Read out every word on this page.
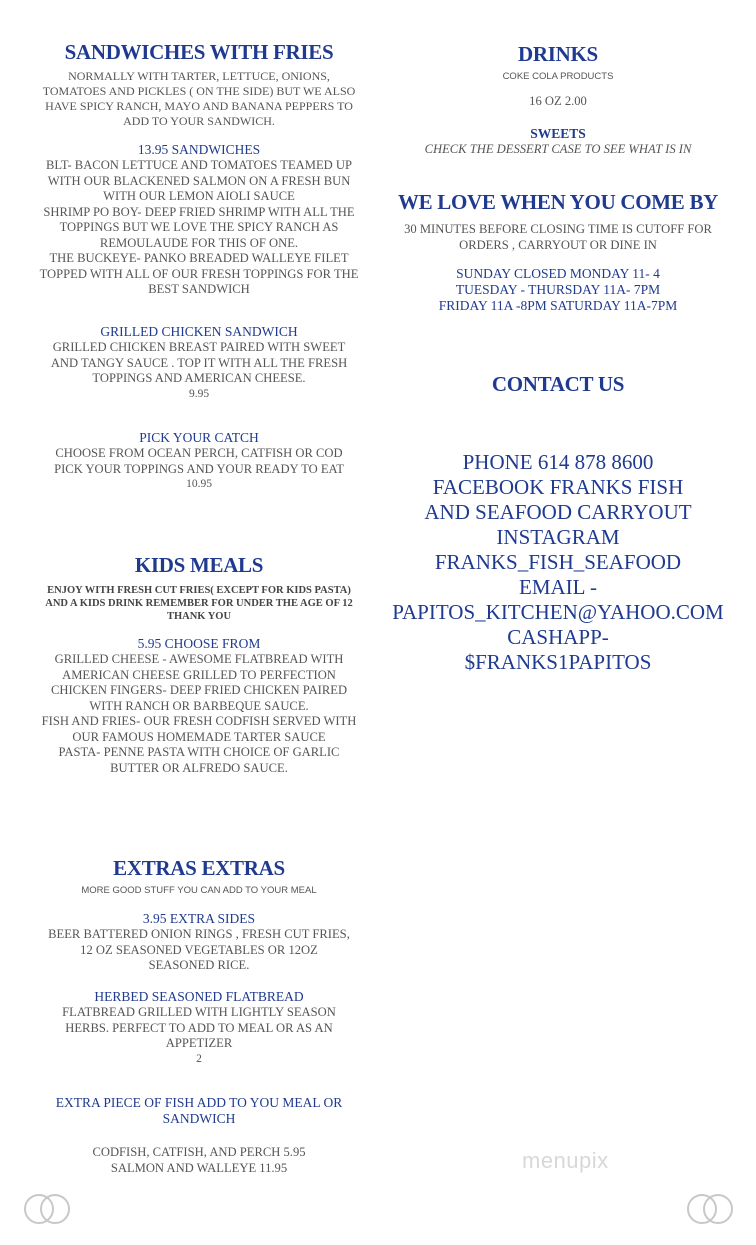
SANDWICHES WITH FRIES

NORMALLY WITH TARTER, LETTUCE, ONIONS, TOMATOES AND PICKLES ( ON THE SIDE) BUT WE ALSO HAVE SPICY RANCH, MAYO AND BANANA PEPPERS TO ADD TO YOUR SANDWICH.

13.95 SANDWICHES

BLT- BACON LETTUCE AND TOMATOES TEAMED UP WITH OUR BLACKENED SALMON ON A FRESH BUN WITH OUR LEMON AIOLI SAUCE

SHRIMP PO BOY- DEEP FRIED SHRIMP WITH ALL THE TOPPINGS BUT WE LOVE THE SPICY RANCH AS REMOULAUDE FOR THIS OF ONE.

THE BUCKEYE- PANKO BREADED WALLEYE FILET TOPPED WITH ALL OF OUR FRESH TOPPINGS FOR THE BEST SANDWICH

GRILLED CHICKEN SANDWICH

GRILLED CHICKEN BREAST PAIRED WITH SWEET AND TANGY SAUCE . TOP IT WITH ALL THE FRESH TOPPINGS AND AMERICAN CHEESE.

9.95

PICK YOUR CATCH

CHOOSE FROM OCEAN PERCH, CATFISH OR COD

PICK YOUR TOPPINGS AND YOUR READY TO EAT

10.95

KIDS MEALS

ENJOY WITH FRESH CUT FRIES( EXCEPT FOR KIDS PASTA) AND A KIDS DRINK REMEMBER FOR UNDER THE AGE OF 12 THANK YOU

5.95 CHOOSE FROM

GRILLED CHEESE - AWESOME FLATBREAD WITH AMERICAN CHEESE GRILLED TO PERFECTION

CHICKEN FINGERS- DEEP FRIED CHICKEN PAIRED WITH RANCH OR BARBEQUE SAUCE.

FISH AND FRIES- OUR FRESH CODFISH SERVED WITH OUR FAMOUS HOMEMADE TARTER SAUCE

PASTA- PENNE PASTA WITH CHOICE OF GARLIC BUTTER OR ALFREDO SAUCE.

EXTRAS EXTRAS

MORE GOOD STUFF YOU CAN ADD TO YOUR MEAL

3.95 EXTRA SIDES

BEER BATTERED ONION RINGS , FRESH CUT FRIES, 12 OZ SEASONED VEGETABLES OR 12OZ SEASONED RICE.

HERBED SEASONED FLATBREAD

FLATBREAD GRILLED WITH LIGHTLY SEASON HERBS. PERFECT TO ADD TO MEAL OR AS AN APPETIZER

2

EXTRA PIECE OF FISH ADD TO YOU MEAL OR SANDWICH

CODFISH, CATFISH, AND PERCH 5.95

SALMON AND WALLEYE 11.95

DRINKS

COKE COLA PRODUCTS

16 OZ 2.00

SWEETS

CHECK THE DESSERT CASE TO SEE WHAT IS IN

WE LOVE WHEN YOU COME BY

30 MINUTES BEFORE CLOSING TIME IS CUTOFF FOR ORDERS , CARRYOUT OR DINE IN

SUNDAY CLOSED MONDAY 11- 4

TUESDAY - THURSDAY 11A- 7PM

FRIDAY 11A -8PM SATURDAY 11A-7PM

CONTACT US

PHONE 614 878 8600

FACEBOOK FRANKS FISH

AND SEAFOOD CARRYOUT

INSTAGRAM

FRANKS_FISH_SEAFOOD

EMAIL -

PAPITOS_KITCHEN@YAHOO.COM

CASHAPP-

$FRANKS1PAPITOS

menupix
